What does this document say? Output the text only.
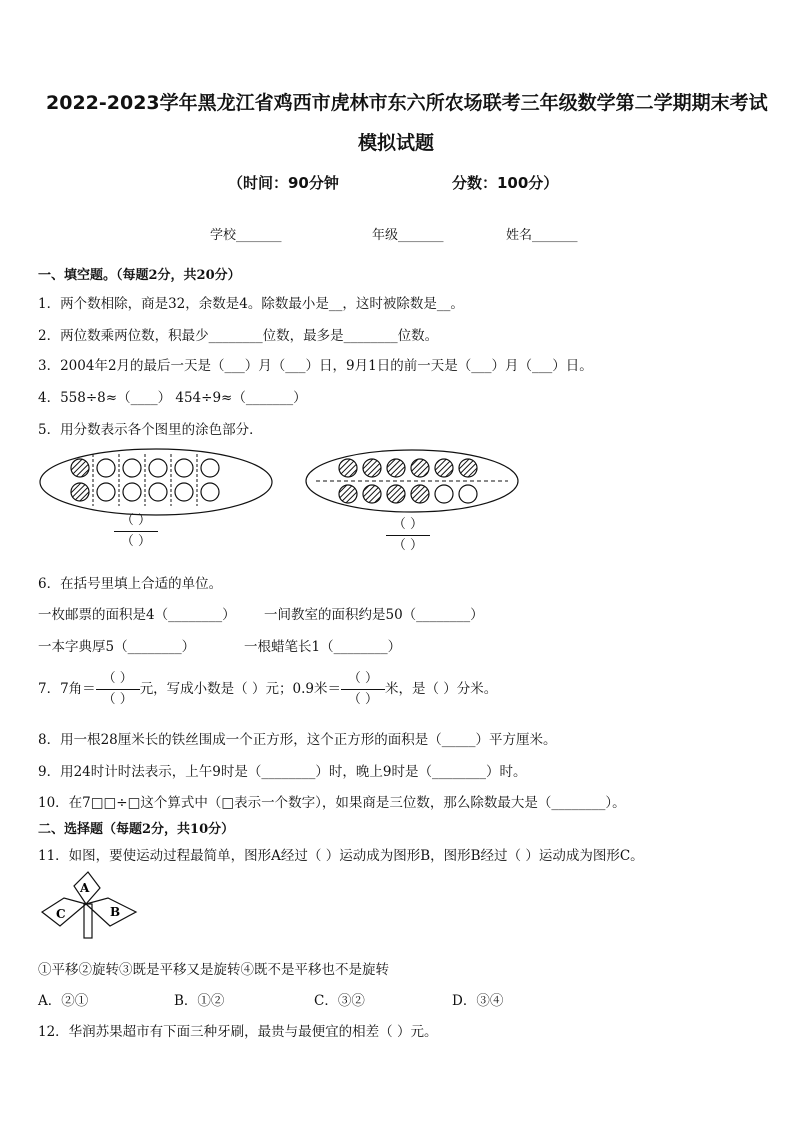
2022-2023学年黑龙江省鸡西市虎林市东六所农场联考三年级数学第二学期期末考试
模拟试题
（时间：90分钟	分数：100分）
学校_______	年级_______	姓名_______
一、填空题。（每题2分，共20分）
1．两个数相除，商是32，余数是4。除数最小是__，这时被除数是__。
2．两位数乘两位数，积最少________位数，最多是________位数。
3．2004年2月的最后一天是（___）月（___）日，9月1日的前一天是（___）月（___）日。
4．558÷8≈（____） 454÷9≈（_______）
5．用分数表示各个图里的涂色部分．
（ ）
（ ）
（ ）
（ ）
6．在括号里填上合适的单位。
一枚邮票的面积是4（________） 一间教室的面积约是50（________）
一本字典厚5（________）	一根蜡笔长1（________）
7．7角$=\frac{( )}{( )}$元，写成小数是（ ）元；0.9米$=\frac{( )}{( )}$米，是（ ）分米。
8．用一根28厘米长的铁丝围成一个正方形，这个正方形的面积是（_____）平方厘米。
9．用24时计时法表示，上午9时是（________）时，晚上9时是（________）时。
10．在7□□÷□这个算式中（□表示一个数字），如果商是三位数，那么除数最大是（________）。
二、选择题（每题2分，共10分）
11．如图，要使运动过程最简单，图形A经过（ ）运动成为图形B，图形B经过（ ）运动成为图形C。
A
B
C
①平移②旋转③既是平移又是旋转④既不是平移也不是旋转
A．②①	B．①②	C．③②	D．③④
12．华润苏果超市有下面三种牙刷，最贵与最便宜的相差（ ）元。
